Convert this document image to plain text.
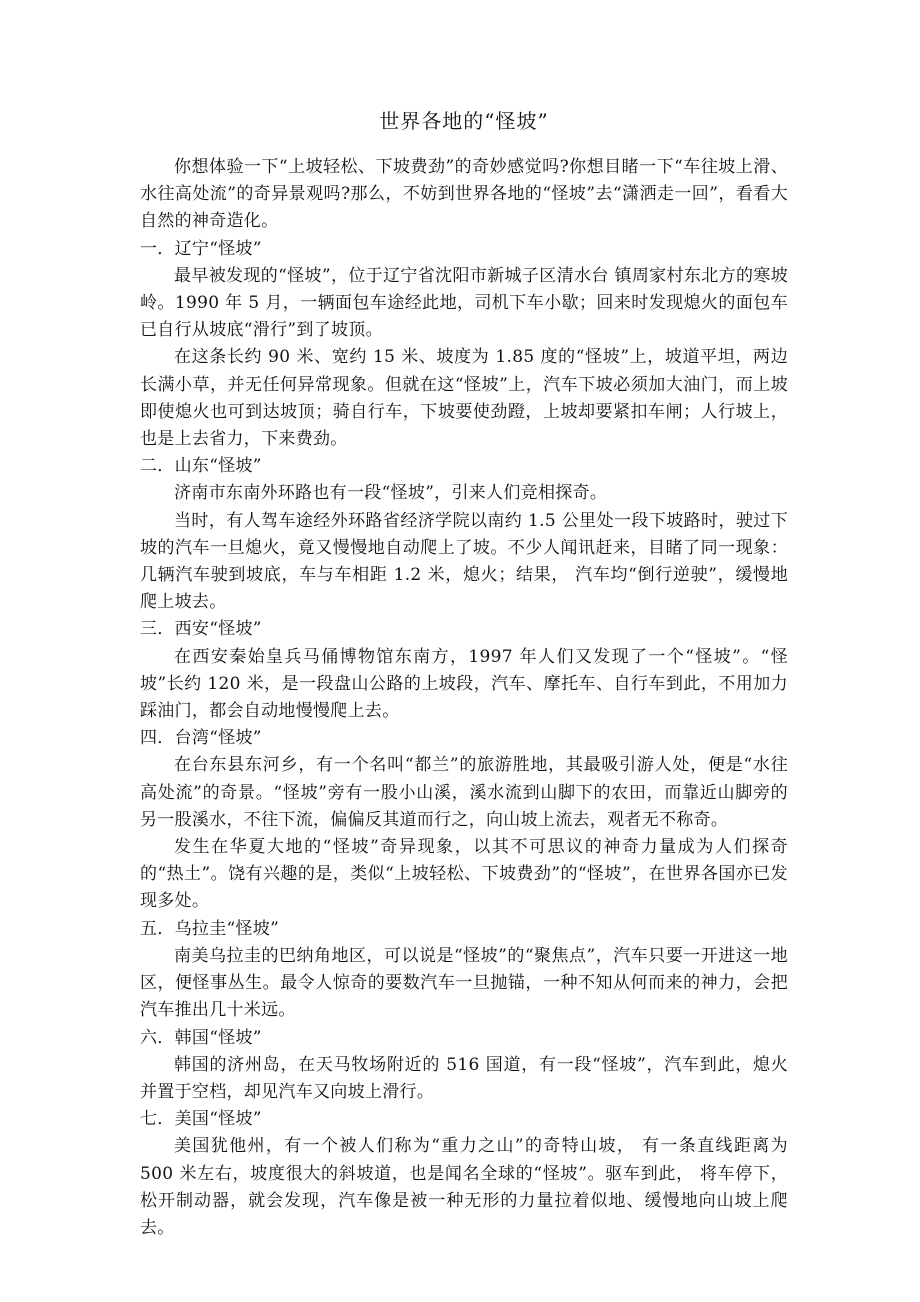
世界各地的“怪坡”

你想体验一下“上坡轻松、下坡费劲”的奇妙感觉吗?你想目睹一下“车往坡上滑、水往高处流”的奇异景观吗?那么，不妨到世界各地的“怪坡”去“潇洒走一回”，看看大自然的神奇造化。

一．辽宁“怪坡”

最早被发现的“怪坡”，位于辽宁省沈阳市新城子区清水台 镇周家村东北方的寒坡岭。1990 年 5 月，一辆面包车途经此地，司机下车小歇；回来时发现熄火的面包车已自行从坡底“滑行”到了坡顶。

在这条长约 90 米、宽约 15 米、坡度为 1.85 度的“怪坡”上，坡道平坦，两边长满小草，并无任何异常现象。但就在这“怪坡”上，汽车下坡必须加大油门，而上坡即使熄火也可到达坡顶；骑自行车，下坡要使劲蹬，上坡却要紧扣车闸；人行坡上，也是上去省力，下来费劲。

二．山东“怪坡”

济南市东南外环路也有一段“怪坡”，引来人们竞相探奇。

当时，有人驾车途经外环路省经济学院以南约 1.5 公里处一段下坡路时，驶过下坡的汽车一旦熄火，竟又慢慢地自动爬上了坡。不少人闻讯赶来，目睹了同一现象：几辆汽车驶到坡底，车与车相距 1.2 米，熄火；结果， 汽车均“倒行逆驶”，缓慢地爬上坡去。

三．西安“怪坡”

在西安秦始皇兵马俑博物馆东南方，1997 年人们又发现了一个“怪坡”。“怪坡”长约 120 米，是一段盘山公路的上坡段，汽车、摩托车、自行车到此，不用加力踩油门，都会自动地慢慢爬上去。

四．台湾“怪坡”

在台东县东河乡，有一个名叫“都兰”的旅游胜地，其最吸引游人处，便是“水往高处流”的奇景。“怪坡”旁有一股小山溪，溪水流到山脚下的农田，而靠近山脚旁的另一股溪水，不往下流，偏偏反其道而行之，向山坡上流去，观者无不称奇。

发生在华夏大地的“怪坡”奇异现象，以其不可思议的神奇力量成为人们探奇的“热土”。饶有兴趣的是，类似“上坡轻松、下坡费劲”的“怪坡”，在世界各国亦已发现多处。

五．乌拉圭“怪坡”

南美乌拉圭的巴纳角地区，可以说是“怪坡”的“聚焦点”，汽车只要一开进这一地区，便怪事丛生。最令人惊奇的要数汽车一旦抛锚，一种不知从何而来的神力，会把汽车推出几十米远。

六．韩国“怪坡”

韩国的济州岛，在天马牧场附近的 516 国道，有一段“怪坡”，汽车到此，熄火并置于空档，却见汽车又向坡上滑行。

七．美国“怪坡”

美国犹他州，有一个被人们称为“重力之山”的奇特山坡， 有一条直线距离为 500 米左右，坡度很大的斜坡道，也是闻名全球的“怪坡”。驱车到此， 将车停下，松开制动器，就会发现，汽车像是被一种无形的力量拉着似地、缓慢地向山坡上爬去。
